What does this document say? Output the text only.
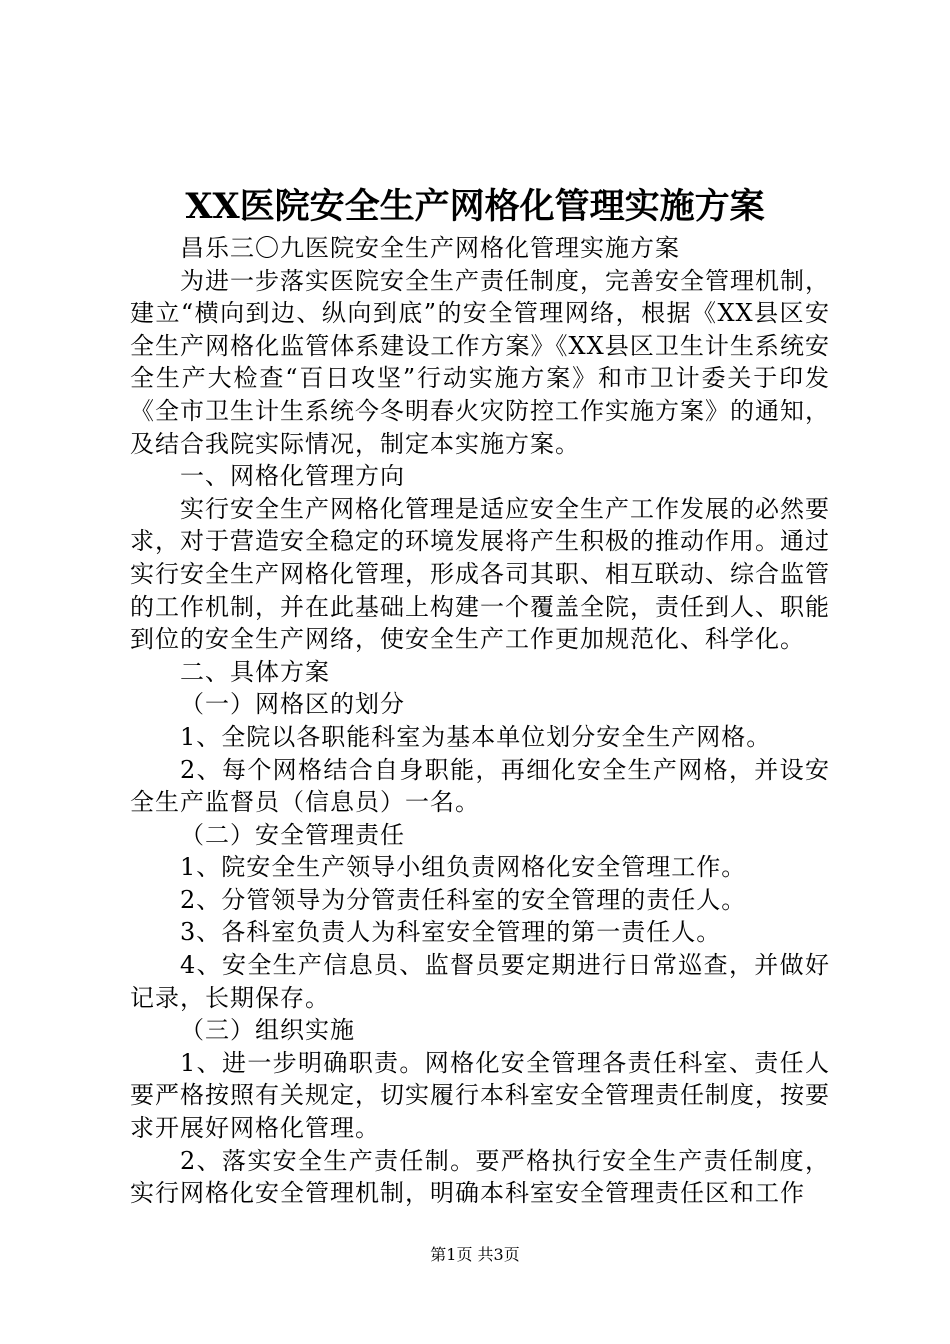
XX医院安全生产网格化管理实施方案

昌乐三〇九医院安全生产网格化管理实施方案

为进一步落实医院安全生产责任制度，完善安全管理机制，建立“横向到边、纵向到底”的安全管理网络，根据《XX县区安全生产网格化监管体系建设工作方案》《XX县区卫生计生系统安全生产大检查“百日攻坚”行动实施方案》和市卫计委关于印发《全市卫生计生系统今冬明春火灾防控工作实施方案》的通知，及结合我院实际情况，制定本实施方案。

一、网格化管理方向

实行安全生产网格化管理是适应安全生产工作发展的必然要求，对于营造安全稳定的环境发展将产生积极的推动作用。通过实行安全生产网格化管理，形成各司其职、相互联动、综合监管的工作机制，并在此基础上构建一个覆盖全院，责任到人、职能到位的安全生产网络，使安全生产工作更加规范化、科学化。

二、具体方案

（一）网格区的划分

1、全院以各职能科室为基本单位划分安全生产网格。

2、每个网格结合自身职能，再细化安全生产网格，并设安全生产监督员（信息员）一名。

（二）安全管理责任

1、院安全生产领导小组负责网格化安全管理工作。

2、分管领导为分管责任科室的安全管理的责任人。

3、各科室负责人为科室安全管理的第一责任人。

4、安全生产信息员、监督员要定期进行日常巡查，并做好记录，长期保存。

（三）组织实施

1、进一步明确职责。网格化安全管理各责任科室、责任人要严格按照有关规定，切实履行本科室安全管理责任制度，按要求开展好网格化管理。

2、落实安全生产责任制。要严格执行安全生产责任制度，实行网格化安全管理机制，明确本科室安全管理责任区和工作

第1页 共3页
